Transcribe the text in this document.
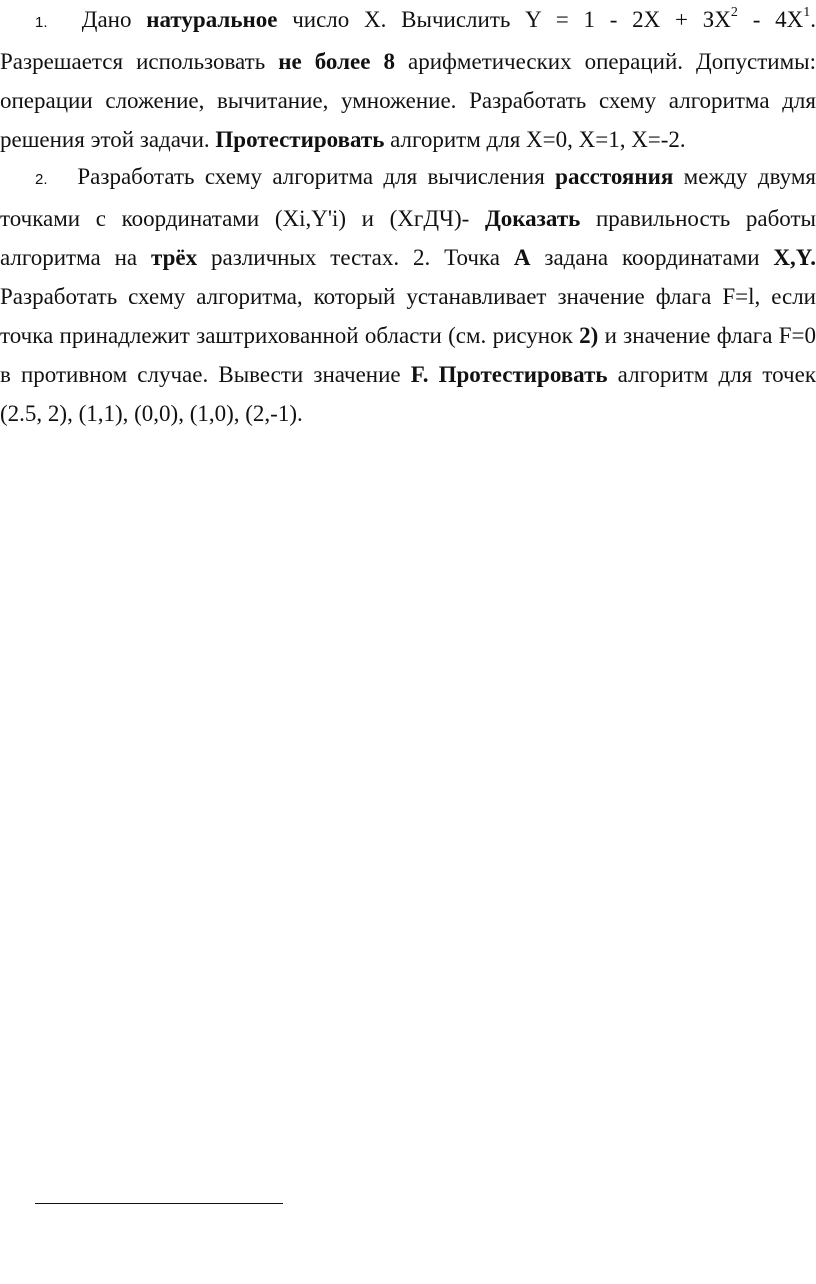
1. Дано натуральное число X. Вычислить $Y = 1 - 2X + ЗX^2 - 4X^1$. Разрешается использовать не более 8 арифметических операций. Допустимы: операции сложение, вычитание, умножение. Разработать схему алгоритма для решения этой задачи. Протестировать алгоритм для X=0, X=1, X=-2.

2. Разработать схему алгоритма для вычисления расстояния между двумя точками с координатами (Xi,Y'i) и (ХгДЧ)- Доказать правильность работы алгоритма на трёх различных тестах. 2. Точка А задана координатами X,Y. Разработать схему алгоритма, который устанавливает значение флага F=l, если точка принадлежит заштрихованной области (см. рисунок 2) и значение флага F=0 в противном случае. Вывести значение F. Протестировать алгоритм для точек (2.5, 2), (1,1), (0,0), (1,0), (2,-1).
